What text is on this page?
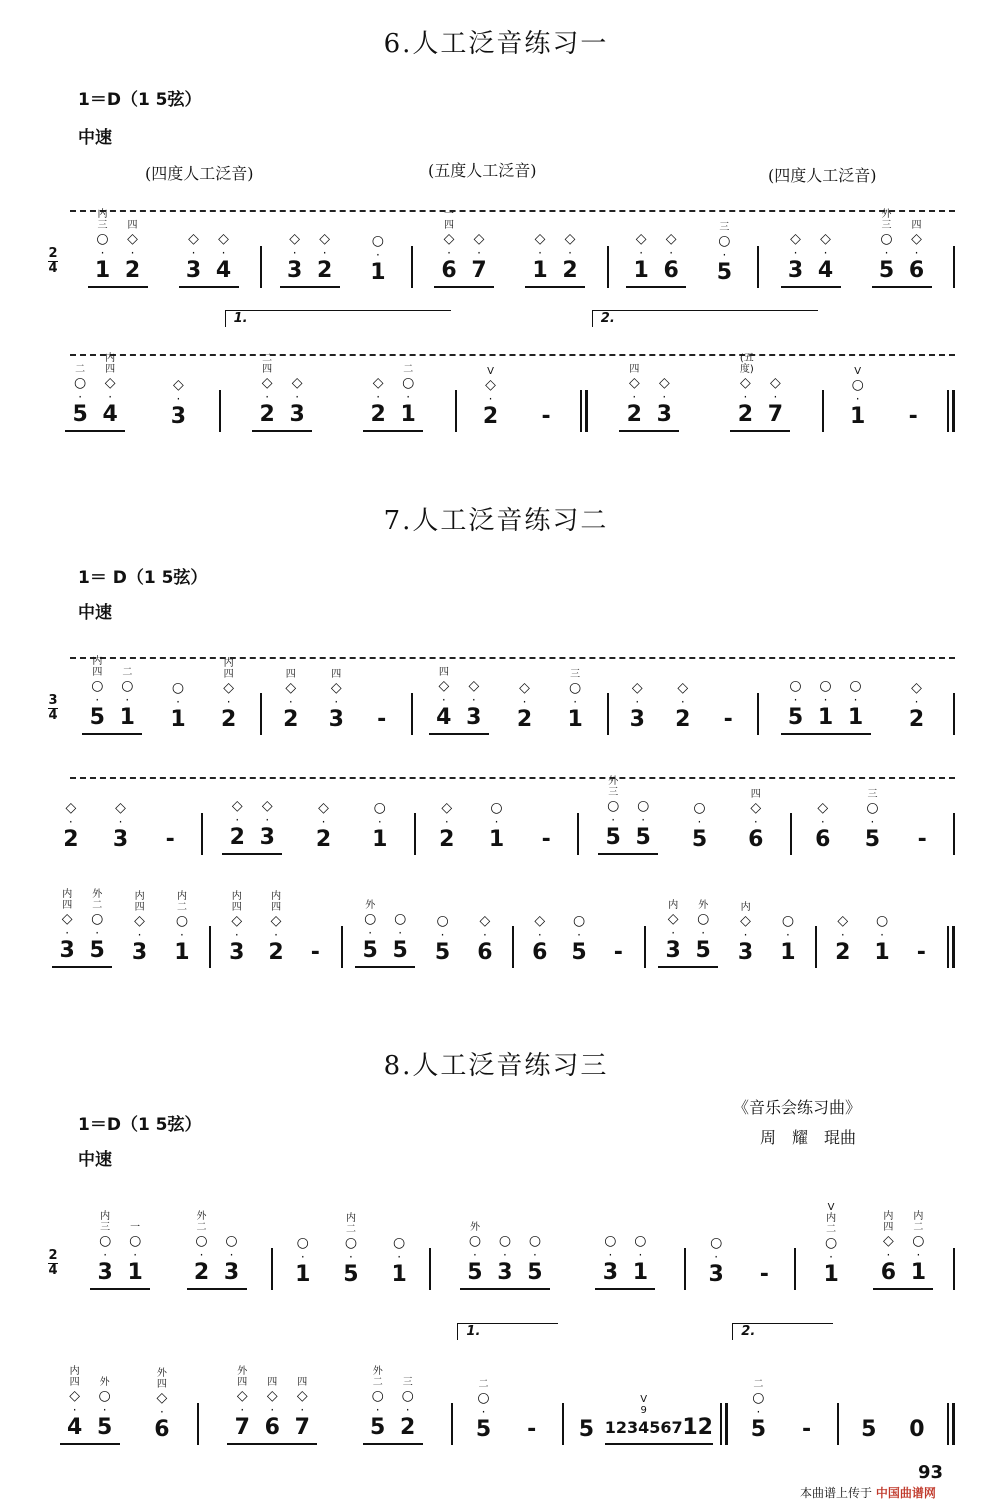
6.人工泛音练习一
1＝D（1 5弦）
中速
(四度人工泛音)	(五度人工泛音)	(四度人工泛音)
2
4
内三
○
·
1
四
◇
·
2
◇
·
3
◇
·
4
◇
·
3
◇
·
2
○
·
1
一四
◇
·
6
◇
·
7
◇
·
1
◇
·
2
◇
·
1
◇
·
6
三
○
·
5
◇
·
3
◇
·
4
外三
○
·
5
四
◇
·
6
二
○
·
5
内四
◇
·
4
◇
·
3
1.
二四
◇
·
2
◇
·
3
◇
·
2
二
○
·
1
V
◇
·
2 -
2.
四
◇
·
2
◇
·
3
(五度)
◇
·
2
◇
·
7
V
○
·
1 -
7.人工泛音练习二
1＝ D（1 5弦）
中速
3
4
内四
○
·
5
二
○
·
1
○
·
1
内四
◇
·
2
四
◇
·
2
四
◇
·
3 -
四
◇
·
4
◇
·
3
◇
·
2
三
○
·
1
◇
·
3
◇
·
2 -
○
·
5
○
·
1
○
·
1
◇
·
2
◇
·
2
◇
·
3 -
◇
·
2
◇
·
3
◇
·
2
○
·
1
◇
·
2
○
·
1 -
外三
○
·
5
○
·
5
○
·
5
四
◇
·
6
◇
·
6
三
○
·
5 -
内四
◇
·
3
外二
○
·
5
内四
◇
·
3
内二
○
·
1
内四
◇
·
3
内四
◇
·
2 -
外
○
·
5
○
·
5
○
·
5
◇
·
6
◇
·
6
○
·
5 -
内
◇
·
3
外
○
·
5
内
◇
·
3
○
·
1
◇
·
2
○
·
1 -
8.人工泛音练习三
《音乐会练习曲》
周　耀　琨曲
1＝D（1 5弦）
中速
2
4
内三
○
·
3
一
○
·
1
外二
○
·
2
○
·
3
○
·
1
内二
○
·
5
○
·
1
外
○
·
5
○
·
3
○
·
5
○
·
3
○
·
1
○
·
3 -
V内二
○
·
1
内四
◇
·
6
内二
○
·
1
内四
◇
·
4
外
○
·
5
外四
◇
·
6
外四
◇
·
7
四
◇
·
6
四
◇
·
7
外二
○
·
5
三
○
·
2
1.
二
○
·
5 - 5
V 9
1234567 12
2.
二
○
·
5 - 5 0
93
本曲谱上传于 中国曲谱网
